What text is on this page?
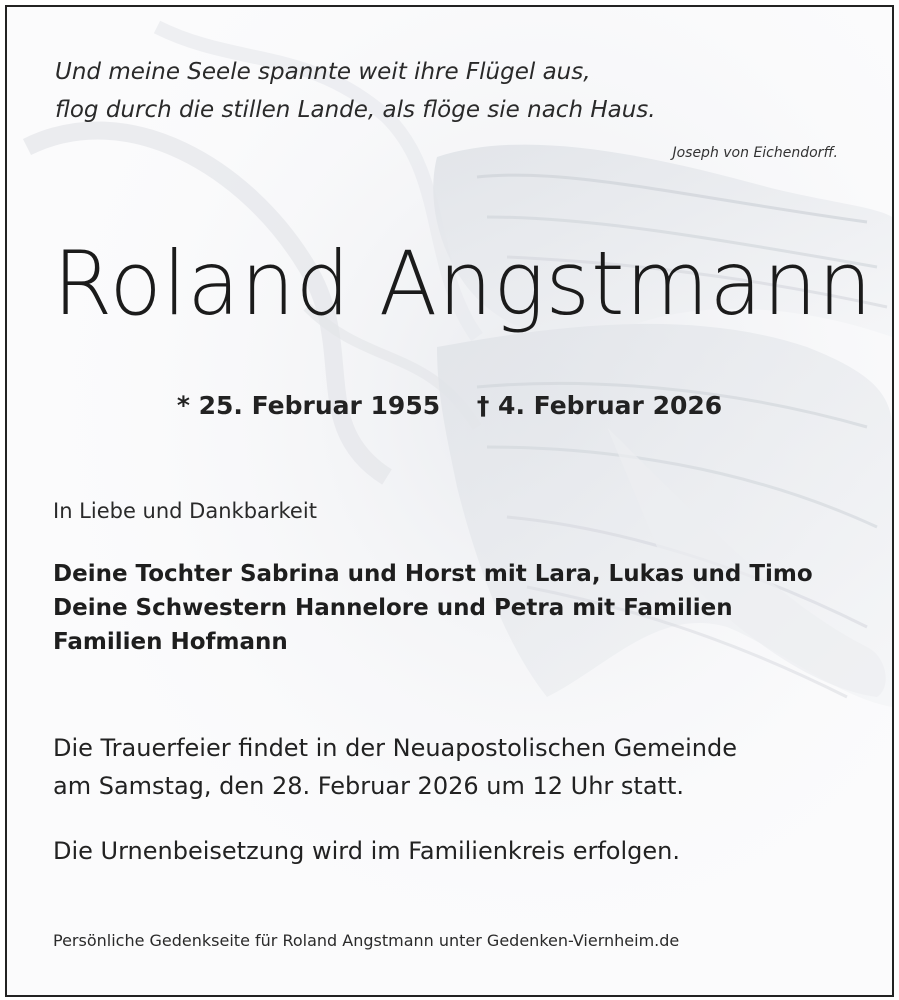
Und meine Seele spannte weit ihre Flügel aus,
flog durch die stillen Lande, als flöge sie nach Haus.
Joseph von Eichendorff.
Roland Angstmann
* 25. Februar 1955 † 4. Februar 2026
In Liebe und Dankbarkeit
Deine Tochter Sabrina und Horst mit Lara, Lukas und Timo
Deine Schwestern Hannelore und Petra mit Familien
Familien Hofmann
Die Trauerfeier findet in der Neuapostolischen Gemeinde
am Samstag, den 28. Februar 2026 um 12 Uhr statt.
Die Urnenbeisetzung wird im Familienkreis erfolgen.
Persönliche Gedenkseite für Roland Angstmann unter Gedenken-Viernheim.de
